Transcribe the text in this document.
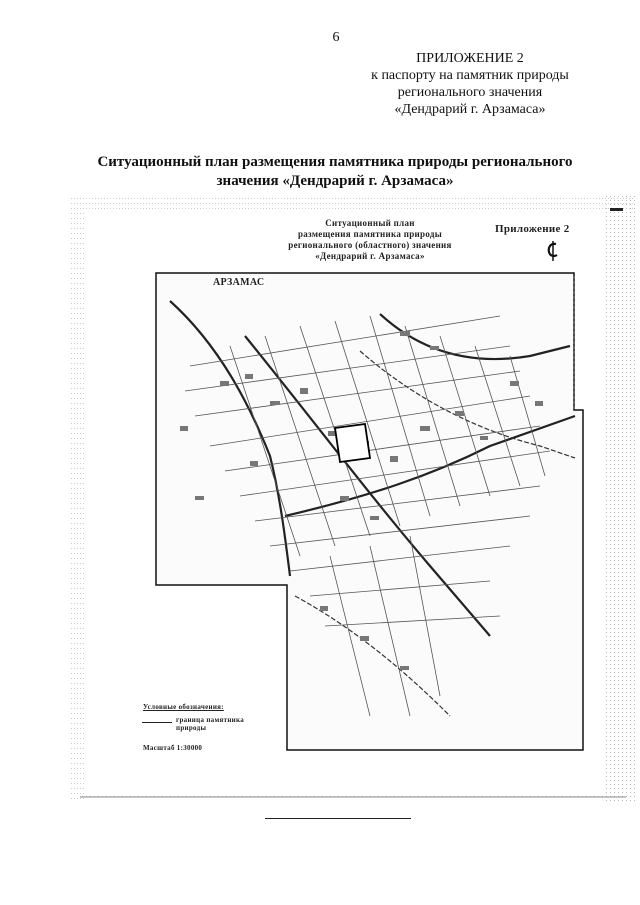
6
ПРИЛОЖЕНИЕ 2
к паспорту на памятник природы
регионального значения
«Дендрарий г. Арзамаса»
Ситуационный план размещения памятника природы регионального
значения «Дендрарий г. Арзамаса»
Ситуационный план
размещения памятника природы
регионального (областного) значения
«Дендрарий г. Арзамаса»
Приложение 2
АРЗАМАС
Условные обозначения:
граница памятника природы
Масштаб 1:30000
